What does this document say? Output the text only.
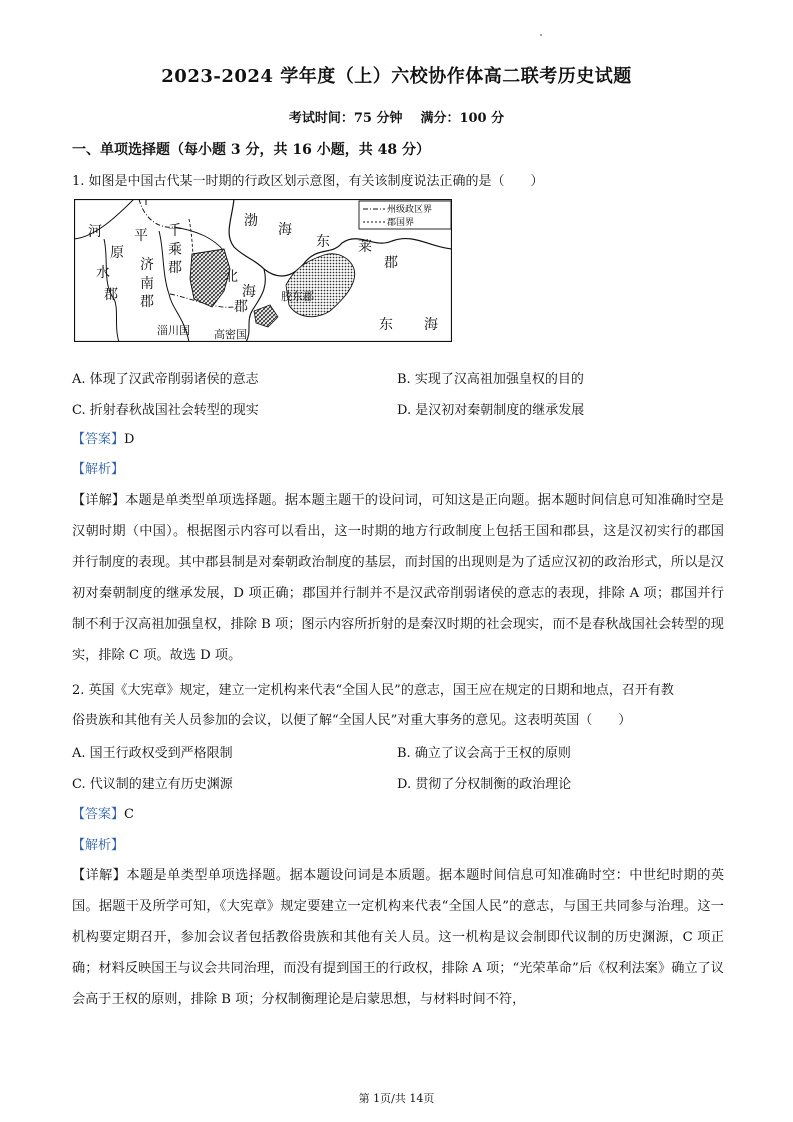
2023-2024 学年度（上）六校协作体高二联考历史试题
考试时间：75 分钟 满分：100 分
一、单项选择题（每小题 3 分，共 16 小题，共 48 分）
1. 如图是中国古代某一时期的行政区划示意图，有关该制度说法正确的是（　　）
州级政区界
郡国界
河
原
水
郡
平
济
南
郡
千
乘
郡
北
海
郡
渤
海
东 莱
郡
东 海
胶东郡
淄川国 高密国
A. 体现了汉武帝削弱诸侯的意志	B. 实现了汉高祖加强皇权的目的
C. 折射春秋战国社会转型的现实	D. 是汉初对秦朝制度的继承发展
【答案】D
【解析】
【详解】本题是单类型单项选择题。据本题主题干的设问词，可知这是正向题。据本题时间信息可知准确时空是汉朝时期（中国）。根据图示内容可以看出，这一时期的地方行政制度上包括王国和郡县，这是汉初实行的郡国并行制度的表现。其中郡县制是对秦朝政治制度的基层，而封国的出现则是为了适应汉初的政治形式，所以是汉初对秦朝制度的继承发展，D 项正确；郡国并行制并不是汉武帝削弱诸侯的意志的表现，排除 A 项；郡国并行制不利于汉高祖加强皇权，排除 B 项；图示内容所折射的是秦汉时期的社会现实，而不是春秋战国社会转型的现实，排除 C 项。故选 D 项。
2. 英国《大宪章》规定，建立一定机构来代表“全国人民”的意志，国王应在规定的日期和地点，召开有教
俗贵族和其他有关人员参加的会议，以便了解“全国人民”对重大事务的意见。这表明英国（　　）
A. 国王行政权受到严格限制	B. 确立了议会高于王权的原则
C. 代议制的建立有历史渊源	D. 贯彻了分权制衡的政治理论
【答案】C
【解析】
【详解】本题是单类型单项选择题。据本题设问词是本质题。据本题时间信息可知准确时空：中世纪时期的英国。据题干及所学可知，《大宪章》规定要建立一定机构来代表“全国人民”的意志，与国王共同参与治理。这一机构要定期召开，参加会议者包括教俗贵族和其他有关人员。这一机构是议会制即代议制的历史渊源，C 项正确；材料反映国王与议会共同治理，而没有提到国王的行政权，排除 A 项；“光荣革命”后《权利法案》确立了议会高于王权的原则，排除 B 项；分权制衡理论是启蒙思想，与材料时间不符，
第 1页/共 14页
